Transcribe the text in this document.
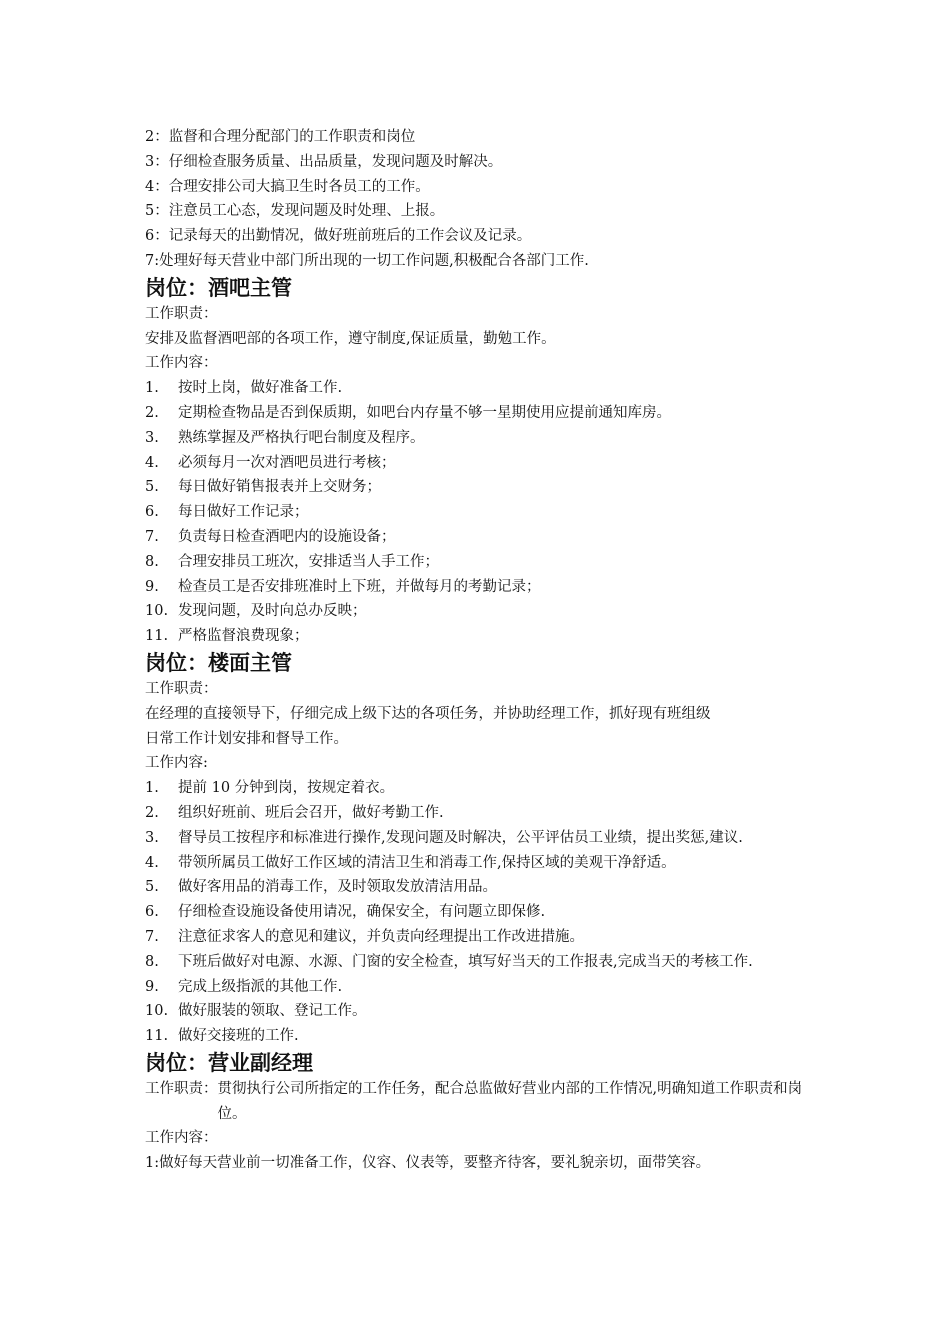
2：监督和合理分配部门的工作职责和岗位
3：仔细检查服务质量、出品质量，发现问题及时解决。
4：合理安排公司大搞卫生时各员工的工作。
5：注意员工心态，发现问题及时处理、上报。
6：记录每天的出勤情况，做好班前班后的工作会议及记录。
7:处理好每天营业中部门所出现的一切工作问题,积极配合各部门工作.
岗位：酒吧主管
工作职责：
安排及监督酒吧部的各项工作，遵守制度,保证质量，勤勉工作。
工作内容：
1.	按时上岗，做好准备工作.
2.	定期检查物品是否到保质期，如吧台内存量不够一星期使用应提前通知库房。
3.	熟练掌握及严格执行吧台制度及程序。
4.	必须每月一次对酒吧员进行考核；
5.	每日做好销售报表并上交财务；
6.	每日做好工作记录；
7.	负责每日检查酒吧内的设施设备；
8.	合理安排员工班次，安排适当人手工作；
9.	检查员工是否安排班准时上下班，并做每月的考勤记录；
10. 发现问题，及时向总办反映；
11. 严格监督浪费现象；
岗位：楼面主管
工作职责：
在经理的直接领导下，仔细完成上级下达的各项任务，并协助经理工作，抓好现有班组级
日常工作计划安排和督导工作。
工作内容:
1.	提前 10 分钟到岗，按规定着衣。
2.	组织好班前、班后会召开，做好考勤工作.
3.	督导员工按程序和标准进行操作,发现问题及时解决，公平评估员工业绩，提出奖惩,建议.
4.	带领所属员工做好工作区域的清洁卫生和消毒工作,保持区域的美观干净舒适。
5.	做好客用品的消毒工作，及时领取发放清洁用品。
6.	仔细检查设施设备使用请况，确保安全，有问题立即保修.
7.	注意征求客人的意见和建议，并负责向经理提出工作改进措施。
8.	下班后做好对电源、水源、门窗的安全检查，填写好当天的工作报表,完成当天的考核工作.
9.	完成上级指派的其他工作.
10. 做好服装的领取、登记工作。
11. 做好交接班的工作.
岗位：营业副经理
工作职责： 贯彻执行公司所指定的工作任务，配合总监做好营业内部的工作情况,明确知道工作职责和岗位。
工作内容：
1:做好每天营业前一切准备工作，仪容、仪表等，要整齐待客，要礼貌亲切，面带笑容。
